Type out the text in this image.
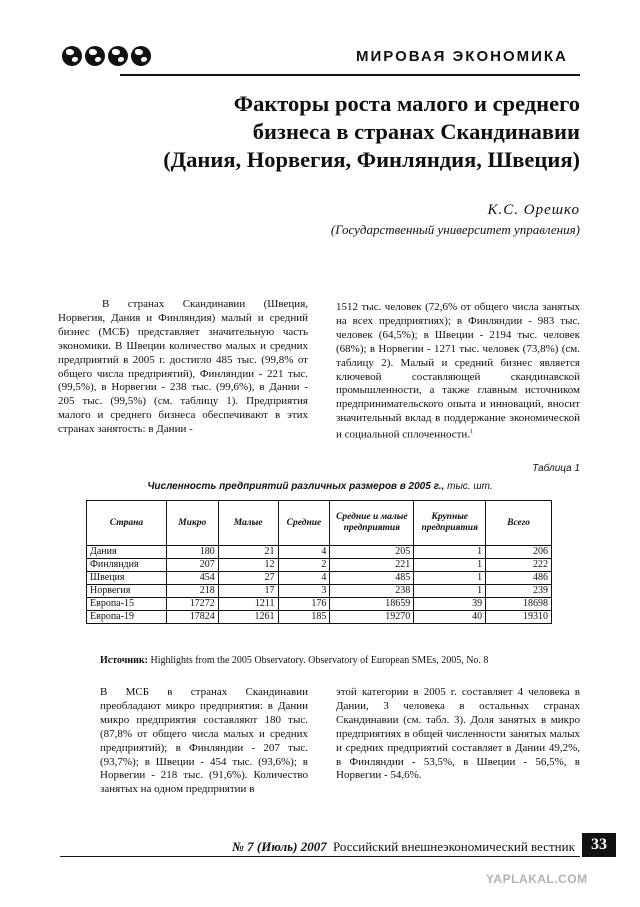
МИРОВАЯ ЭКОНОМИКА
Факторы роста малого и среднего
бизнеса в странах Скандинавии
(Дания, Норвегия, Финляндия, Швеция)
К.С. Орешко
(Государственный университет управления)
В странах Скандинавии (Швеция, Норвегия, Дания и Финляндия) малый и средний бизнес (МСБ) представляет значительную часть экономики. В Швеции количество малых и средних предприятий в 2005 г. достигло 485 тыс. (99,8% от общего числа предприятий), Финляндии - 221 тыс. (99,5%), в Норвегии - 238 тыс. (99,6%), в Дании - 205 тыс. (99,5%) (см. таблицу 1). Предприятия малого и среднего бизнеса обеспечивают в этих странах занятость: в Дании -
1512 тыс. человек (72,6% от общего числа занятых на всех предприятиях); в Финляндии - 983 тыс. человек (64,5%); в Швеции - 2194 тыс. человек (68%); в Норвегии - 1271 тыс. человек (73,8%) (см. таблицу 2). Малый и средний бизнес является ключевой составляющей скандинавской промышленности, а также главным источником предпринимательского опыта и инноваций, вносит значительный вклад в поддержание экономической и социальной сплоченности.$^1$
Таблица 1
Численность предприятий различных размеров в 2005 г., тыс. шт.
Страна	Микро	Малые	Средние	Средние и малые предприятия	Крупные предприятия	Всего
Дания	180	21	4	205	1	206
Финляндия	207	12	2	221	1	222
Швеция	454	27	4	485	1	486
Норвегия	218	17	3	238	1	239
Европа-15	17272	1211	176	18659	39	18698
Европа-19	17824	1261	185	19270	40	19310
Источник: Highlights from the 2005 Observatory. Observatory of European SMEs, 2005, No. 8
В МСБ в странах Скандинавии преобладают микро предприятия: в Дании микро предприятия составляют 180 тыс. (87,8% от общего числа малых и средних предприятий); в Финляндии - 207 тыс. (93,7%); в Швеции - 454 тыс. (93,6%); в Норвегии - 218 тыс. (91,6%). Количество занятых на одном предприятии в
этой категории в 2005 г. составляет 4 человека в Дании, 3 человека в остальных странах Скандинавии (см. табл. 3). Доля занятых в микро предприятиях в общей численности занятых малых и средних предприятий составляет в Дании 49,2%, в Финляндии - 53,5%, в Швеции - 56,5%, в Норвегии - 54,6%.
№ 7 (Июль) 2007 Российский внешнеэкономический вестник	33
YAPLAKAL.COM
